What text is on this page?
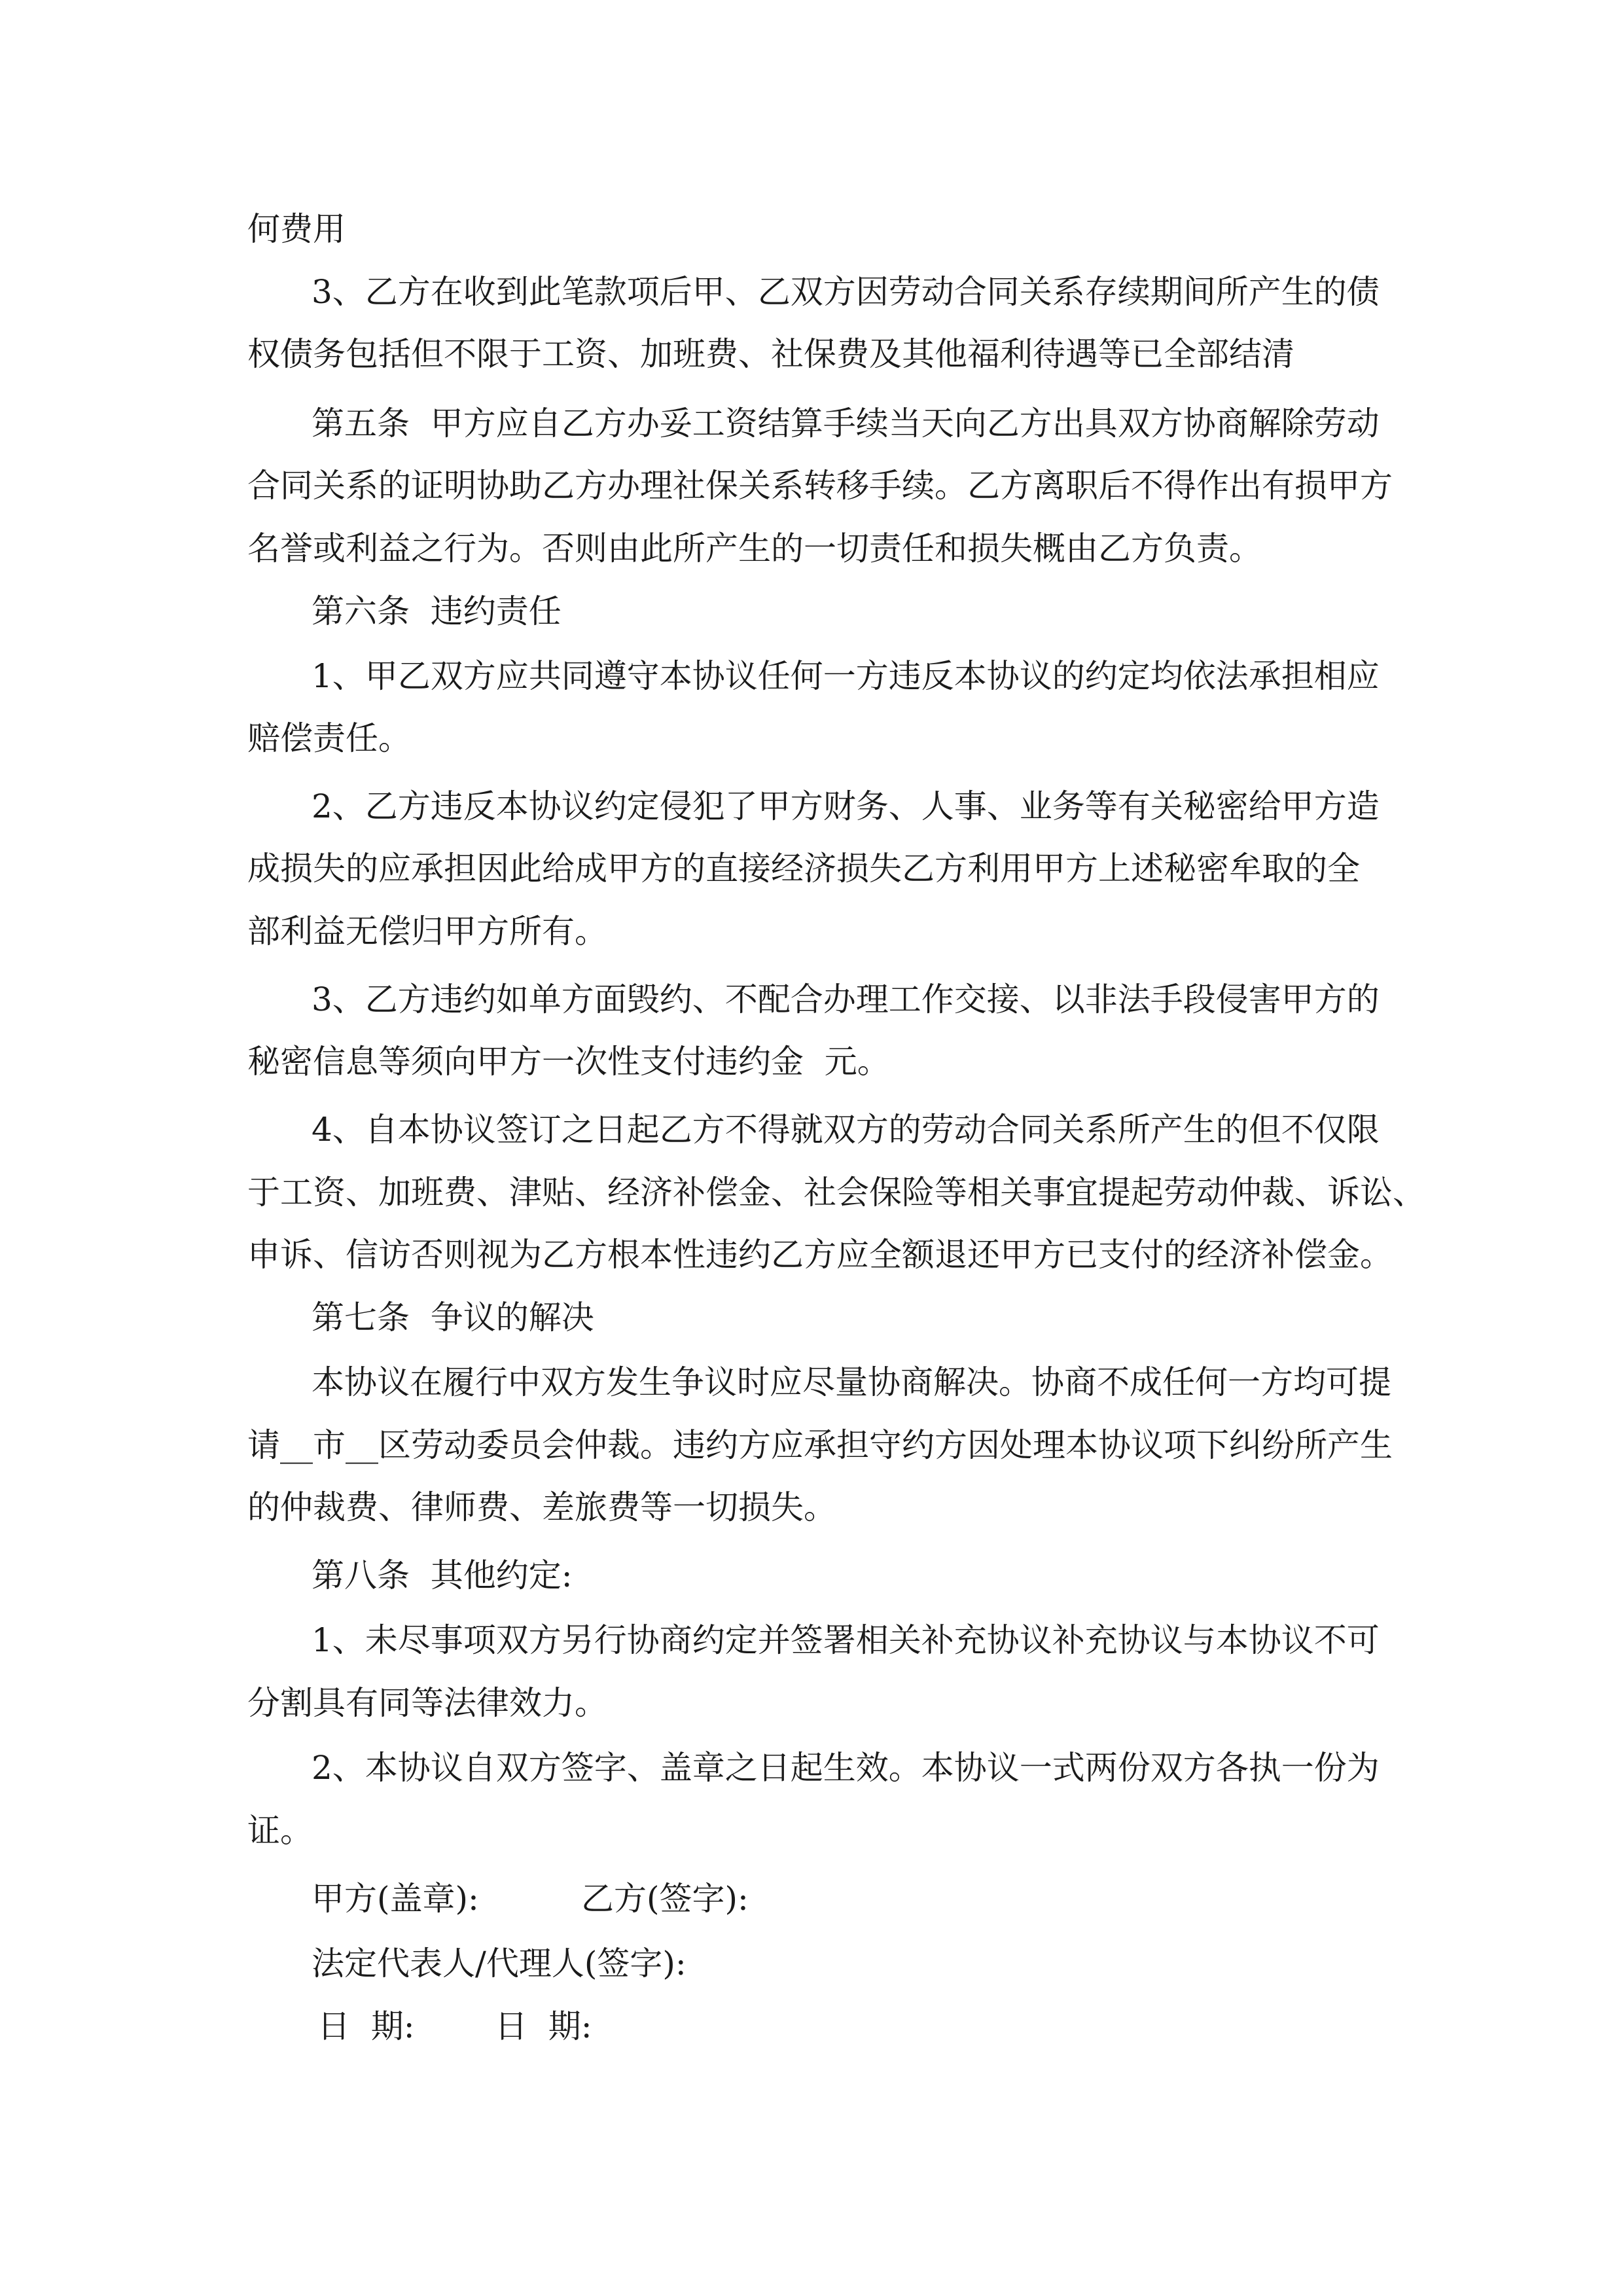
何费用
3、乙方在收到此笔款项后甲、乙双方因劳动合同关系存续期间所产生的债
权债务包括但不限于工资、加班费、社保费及其他福利待遇等已全部结清
第五条  甲方应自乙方办妥工资结算手续当天向乙方出具双方协商解除劳动
合同关系的证明协助乙方办理社保关系转移手续。乙方离职后不得作出有损甲方
名誉或利益之行为。否则由此所产生的一切责任和损失概由乙方负责。
第六条  违约责任
1、甲乙双方应共同遵守本协议任何一方违反本协议的约定均依法承担相应
赔偿责任。
2、乙方违反本协议约定侵犯了甲方财务、人事、业务等有关秘密给甲方造
成损失的应承担因此给成甲方的直接经济损失乙方利用甲方上述秘密牟取的全
部利益无偿归甲方所有。
3、乙方违约如单方面毁约、不配合办理工作交接、以非法手段侵害甲方的
秘密信息等须向甲方一次性支付违约金  元。
4、自本协议签订之日起乙方不得就双方的劳动合同关系所产生的但不仅限
于工资、加班费、津贴、经济补偿金、社会保险等相关事宜提起劳动仲裁、诉讼、
申诉、信访否则视为乙方根本性违约乙方应全额退还甲方已支付的经济补偿金。
第七条  争议的解决
本协议在履行中双方发生争议时应尽量协商解决。协商不成任何一方均可提
请__市__区劳动委员会仲裁。违约方应承担守约方因处理本协议项下纠纷所产生
的仲裁费、律师费、差旅费等一切损失。
第八条  其他约定:
1、未尽事项双方另行协商约定并签署相关补充协议补充协议与本协议不可
分割具有同等法律效力。
2、本协议自双方签字、盖章之日起生效。本协议一式两份双方各执一份为
证。
甲方(盖章):	乙方(签字):
法定代表人/代理人(签字):
日  期: 日  期:
